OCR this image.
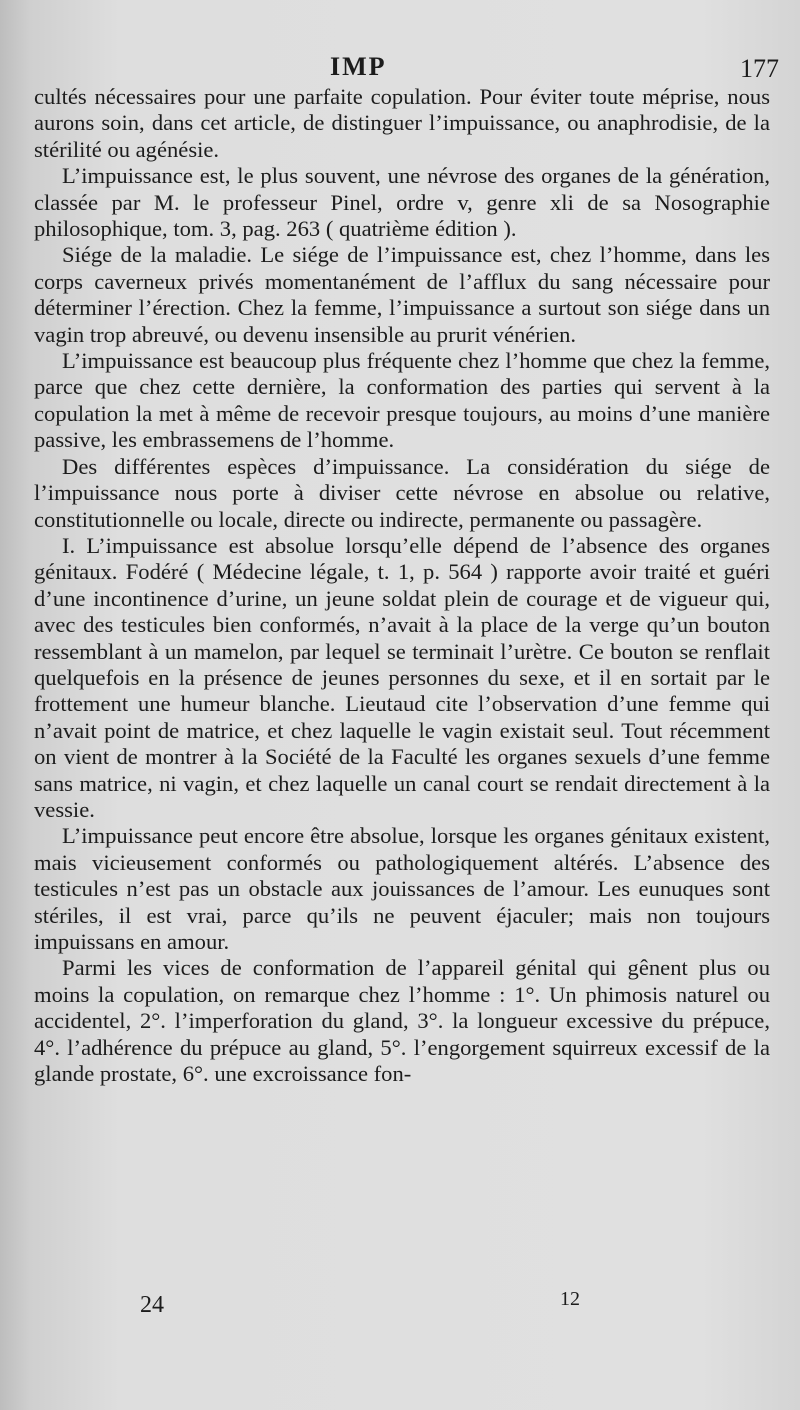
IMP	177

cultés nécessaires pour une parfaite copulation. Pour éviter toute méprise, nous aurons soin, dans cet article, de distinguer l’impuissance, ou anaphrodisie, de la stérilité ou agénésie.

L’impuissance est, le plus souvent, une névrose des organes de la génération, classée par M. le professeur Pinel, ordre v, genre xli de sa Nosographie philosophique, tom. 3, pag. 263 ( quatrième édition ).

Siége de la maladie. Le siége de l’impuissance est, chez l’homme, dans les corps caverneux privés momentanément de l’afflux du sang nécessaire pour déterminer l’érection. Chez la femme, l’impuissance a surtout son siége dans un vagin trop abreuvé, ou devenu insensible au prurit vénérien.

L’impuissance est beaucoup plus fréquente chez l’homme que chez la femme, parce que chez cette dernière, la conformation des parties qui servent à la copulation la met à même de recevoir presque toujours, au moins d’une manière passive, les embrassemens de l’homme.

Des différentes espèces d’impuissance. La considération du siége de l’impuissance nous porte à diviser cette névrose en absolue ou relative, constitutionnelle ou locale, directe ou indirecte, permanente ou passagère.

I. L’impuissance est absolue lorsqu’elle dépend de l’absence des organes génitaux. Fodéré ( Médecine légale, t. 1, p. 564 ) rapporte avoir traité et guéri d’une incontinence d’urine, un jeune soldat plein de courage et de vigueur qui, avec des testicules bien conformés, n’avait à la place de la verge qu’un bouton ressemblant à un mamelon, par lequel se terminait l’urètre. Ce bouton se renflait quelquefois en la présence de jeunes personnes du sexe, et il en sortait par le frottement une humeur blanche. Lieutaud cite l’observation d’une femme qui n’avait point de matrice, et chez laquelle le vagin existait seul. Tout récemment on vient de montrer à la Société de la Faculté les organes sexuels d’une femme sans matrice, ni vagin, et chez laquelle un canal court se rendait directement à la vessie.

L’impuissance peut encore être absolue, lorsque les organes génitaux existent, mais vicieusement conformés ou pathologiquement altérés. L’absence des testicules n’est pas un obstacle aux jouissances de l’amour. Les eunuques sont stériles, il est vrai, parce qu’ils ne peuvent éjaculer; mais non toujours impuissans en amour.

Parmi les vices de conformation de l’appareil génital qui gênent plus ou moins la copulation, on remarque chez l’homme : 1°. Un phimosis naturel ou accidentel, 2°. l’imperforation du gland, 3°. la longueur excessive du prépuce, 4°. l’adhérence du prépuce au gland, 5°. l’engorgement squirreux excessif de la glande prostate, 6°. une excroissance fon-

24	12
